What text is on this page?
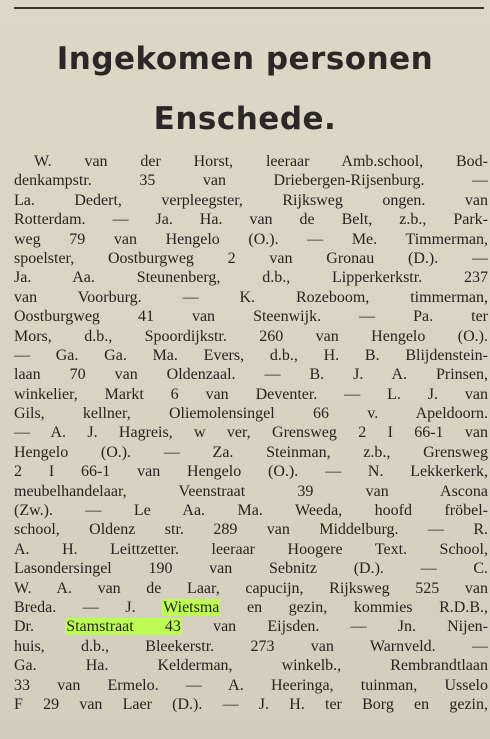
Ingekomen personen
Enschede.
W. van der Horst, leeraar Amb.school, Bod-
denkampstr. 35 van Driebergen-Rijsenburg. —
La. Dedert, verpleegster, Rijksweg ongen. van
Rotterdam. — Ja. Ha. van de Belt, z.b., Park-
weg 79 van Hengelo (O.). — Me. Timmerman,
spoelster, Oostburgweg 2 van Gronau (D.). —
Ja. Aa. Steunenberg, d.b., Lipperkerkstr. 237
van Voorburg. — K. Rozeboom, timmerman,
Oostburgweg 41 van Steenwijk. — Pa. ter
Mors, d.b., Spoordijkstr. 260 van Hengelo (O.).
— Ga. Ga. Ma. Evers, d.b., H. B. Blijdenstein-
laan 70 van Oldenzaal. — B. J. A. Prinsen,
winkelier, Markt 6 van Deventer. — L. J. van
Gils, kellner, Oliemolensingel 66 v. Apeldoorn.
— A. J. Hagreis, w ver, Grensweg 2 I 66-1 van
Hengelo (O.). — Za. Steinman, z.b., Grensweg
2 I 66-1 van Hengelo (O.). — N. Lekkerkerk,
meubelhandelaar, Veenstraat 39 van Ascona
(Zw.). — Le Aa. Ma. Weeda, hoofd fröbel-
school, Oldenz str. 289 van Middelburg. — R.
A. H. Leittzetter. leeraar Hoogere Text. School,
Lasondersingel 190 van Sebnitz (D.). — C.
W. A. van de Laar, capucijn, Rijksweg 525 van
Breda. — J. Wietsma en gezin, kommies R.D.B.,
Dr. Stamstraat 43 van Eijsden. — Jn. Nijen-
huis, d.b., Bleekerstr. 273 van Warnveld. —
Ga. Ha. Kelderman, winkelb., Rembrandtlaan
33 van Ermelo. — A. Heeringa, tuinman, Usselo
F 29 van Laer (D.). — J. H. ter Borg en gezin,
